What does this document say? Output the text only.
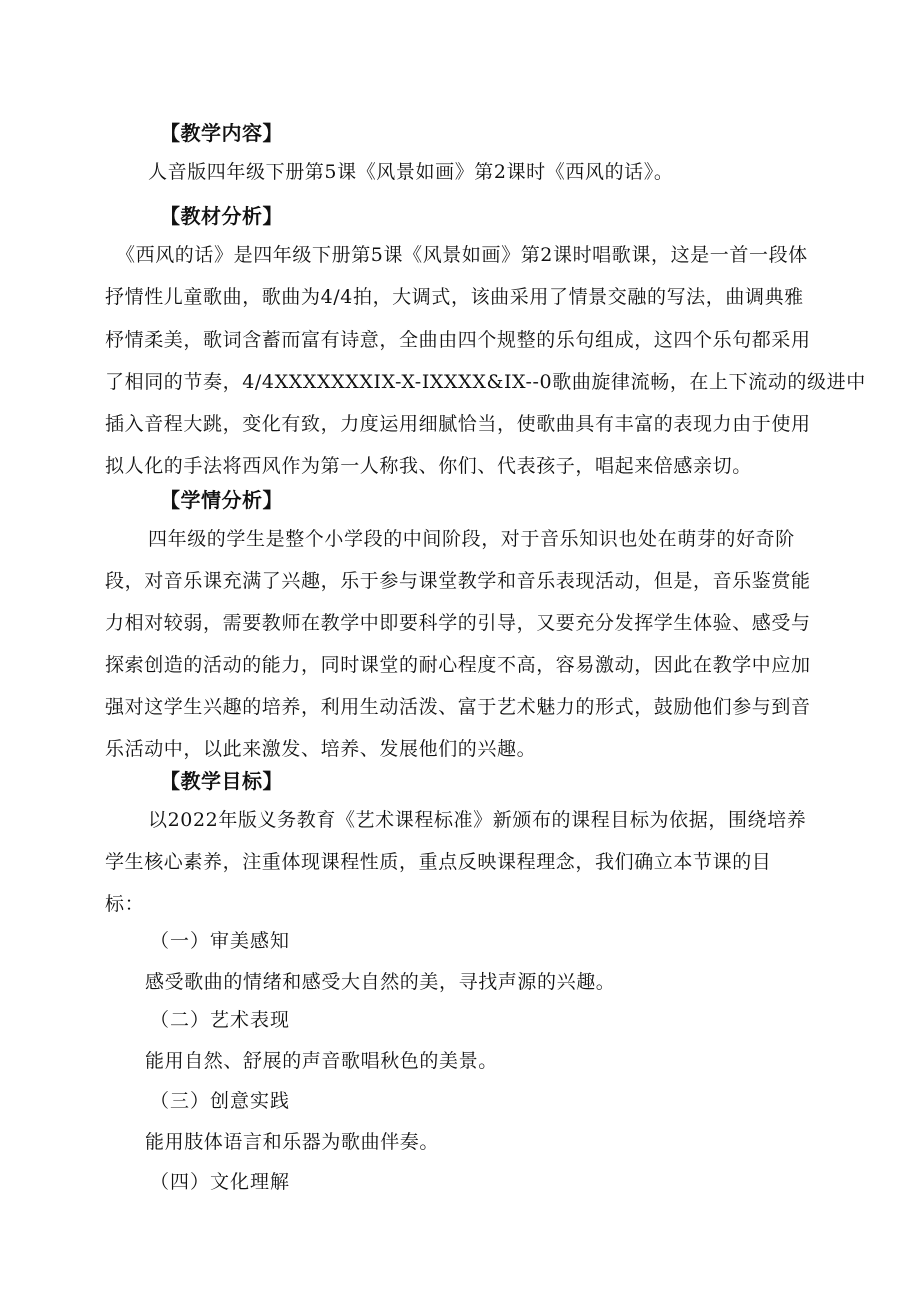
【教学内容】
人音版四年级下册第5课《风景如画》第2课时《西风的话》。
【教材分析】
《西风的话》是四年级下册第5课《风景如画》第2课时唱歌课，这是一首一段体
抒情性儿童歌曲，歌曲为4/4拍，大调式，该曲采用了情景交融的写法，曲调典雅
杼情柔美，歌词含蓄而富有诗意，全曲由四个规整的乐句组成，这四个乐句都采用
了相同的节奏，4/4XXXXXXXIX-X-IXXXX&IX--0歌曲旋律流畅，在上下流动的级进中
插入音程大跳，变化有致，力度运用细腻恰当，使歌曲具有丰富的表现力由于使用
拟人化的手法将西风作为第一人称我、你们、代表孩子，唱起来倍感亲切。
【学情分析】
四年级的学生是整个小学段的中间阶段，对于音乐知识也处在萌芽的好奇阶
段，对音乐课充满了兴趣，乐于参与课堂教学和音乐表现活动，但是，音乐鉴赏能
力相对较弱，需要教师在教学中即要科学的引导，又要充分发挥学生体验、感受与
探索创造的活动的能力，同时课堂的耐心程度不高，容易激动，因此在教学中应加
强对这学生兴趣的培养，利用生动活泼、富于艺术魅力的形式，鼓励他们参与到音
乐活动中，以此来激发、培养、发展他们的兴趣。
【教学目标】
以2022年版义务教育《艺术课程标准》新颁布的课程目标为依据，围绕培养
学生核心素养，注重体现课程性质，重点反映课程理念，我们确立本节课的目
标：
（一）审美感知
感受歌曲的情绪和感受大自然的美，寻找声源的兴趣。
（二）艺术表现
能用自然、舒展的声音歌唱秋色的美景。
（三）创意实践
能用肢体语言和乐器为歌曲伴奏。
（四）文化理解
